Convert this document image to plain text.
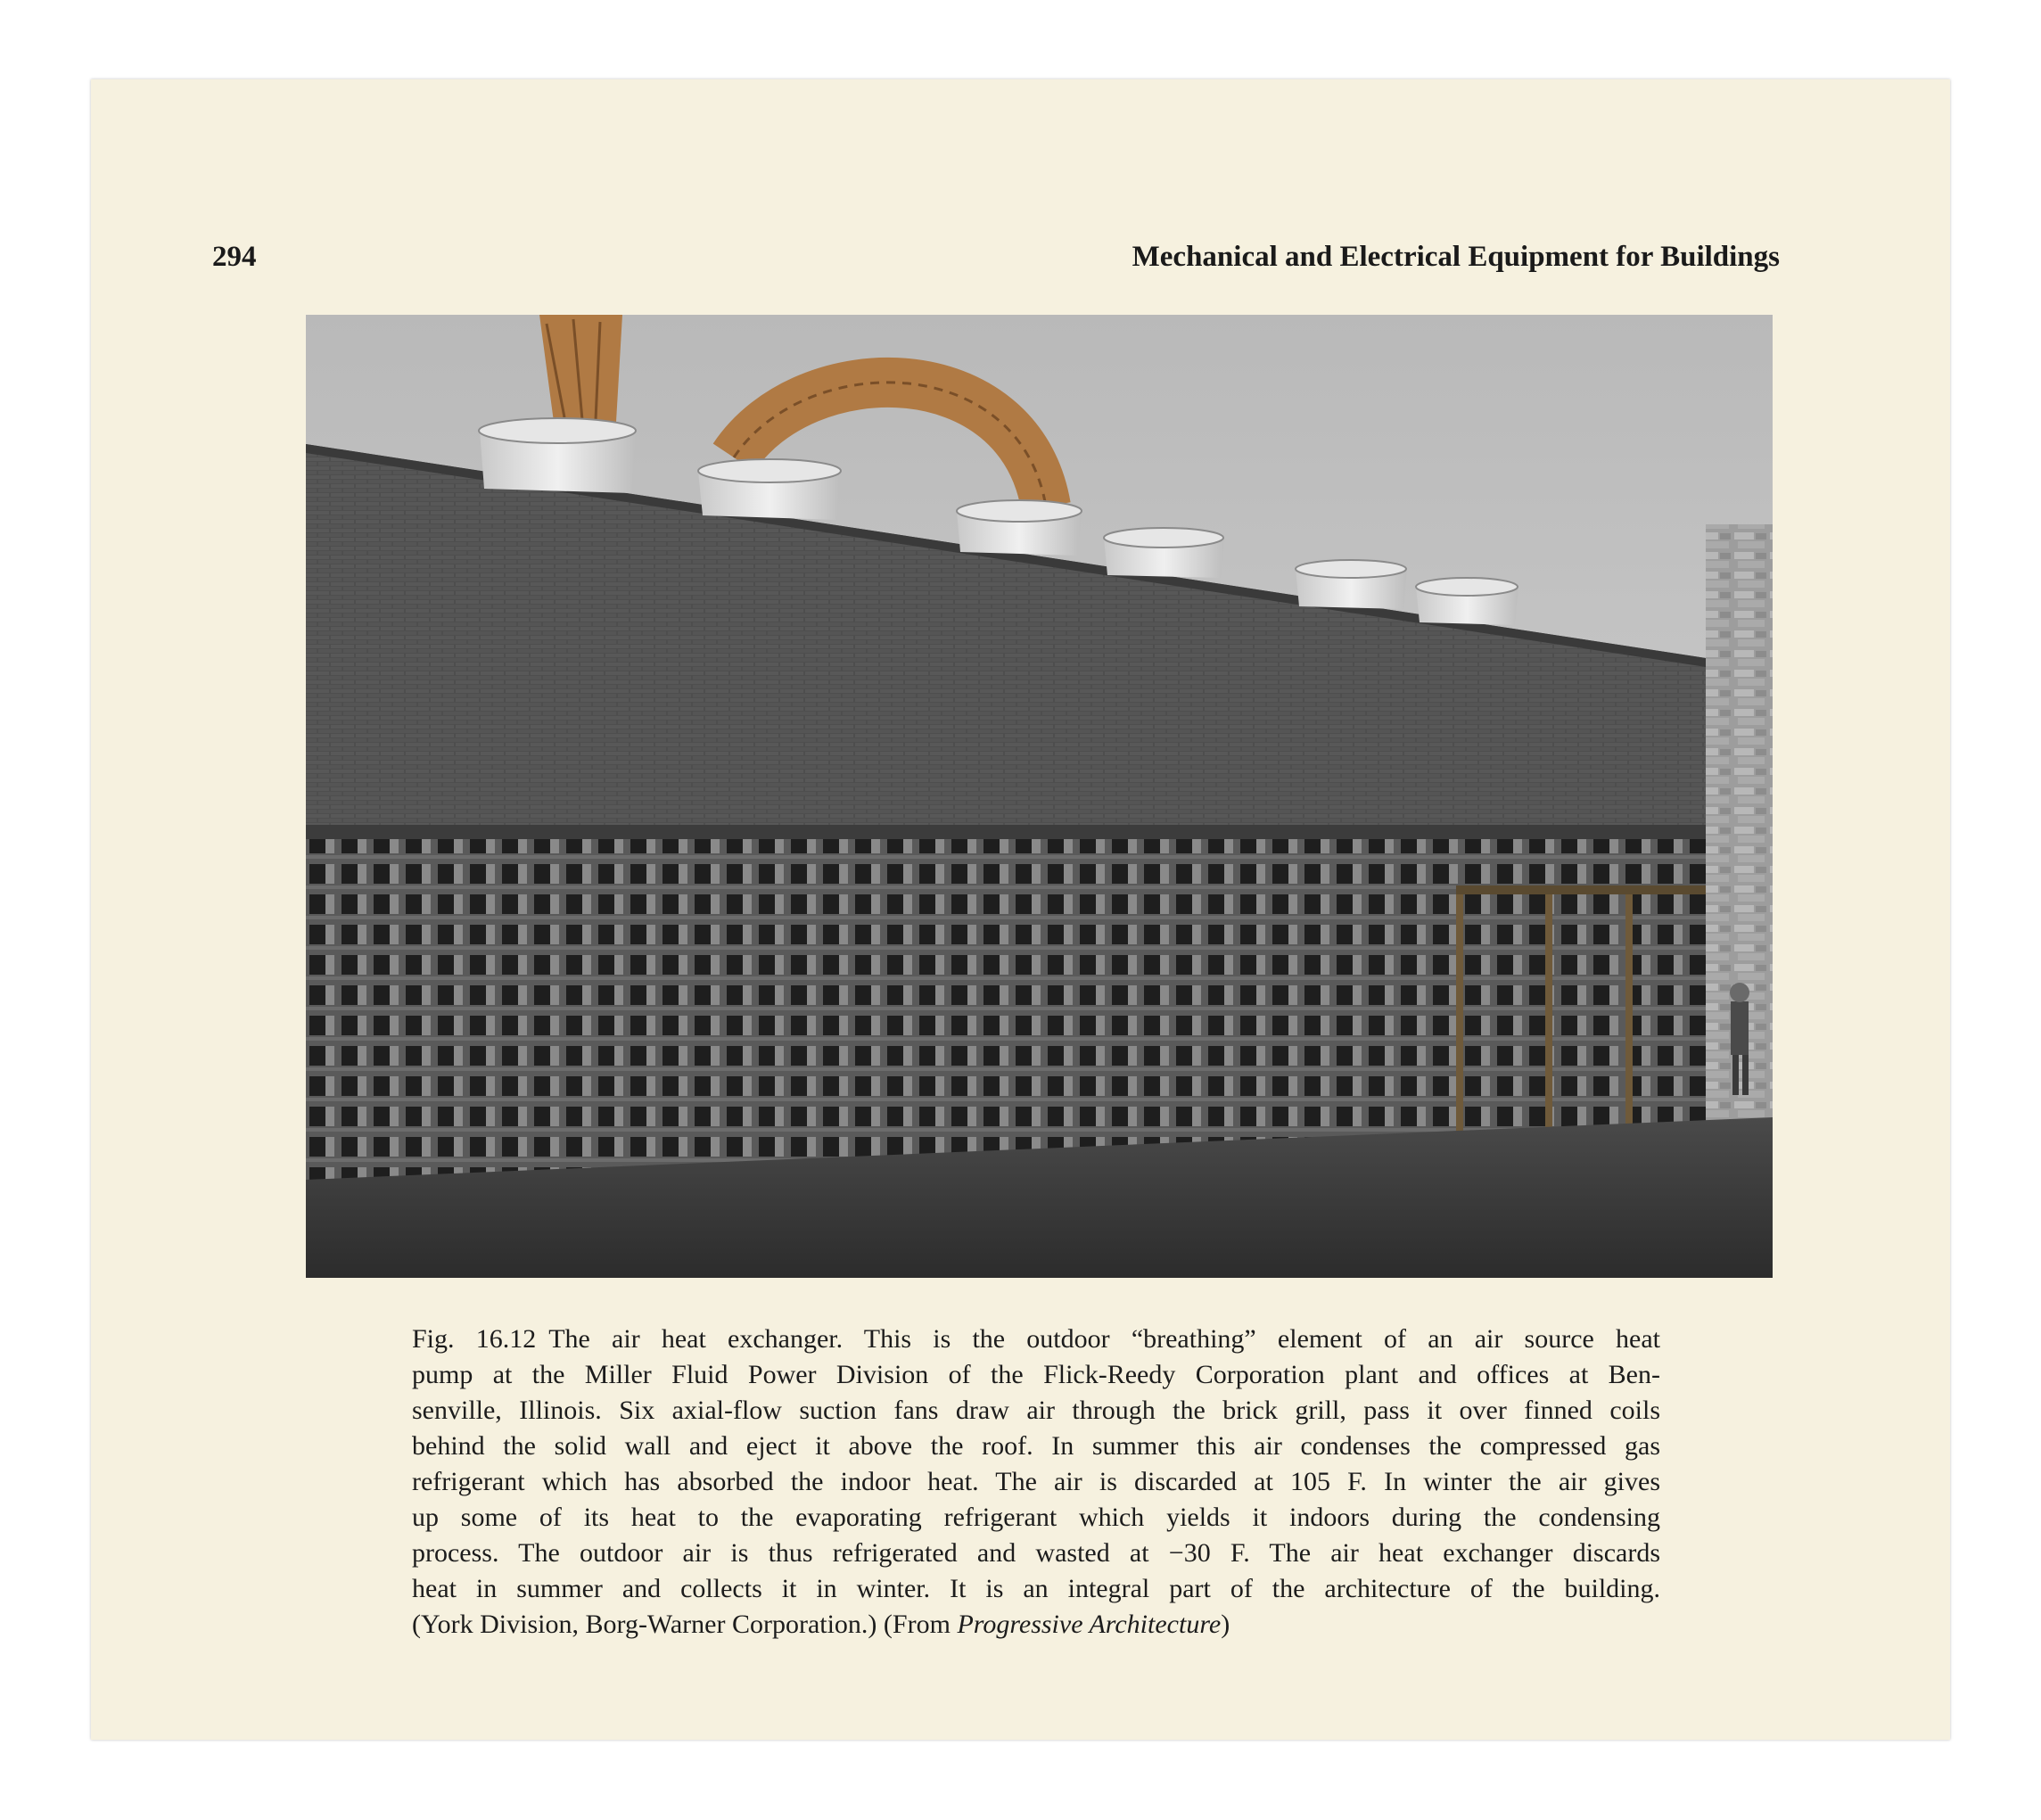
294	Mechanical and Electrical Equipment for Buildings

Fig. 16.12 The air heat exchanger. This is the outdoor “breathing” element of an air source heat
pump at the Miller Fluid Power Division of the Flick-Reedy Corporation plant and offices at Ben-
senville, Illinois. Six axial-flow suction fans draw air through the brick grill, pass it over finned coils
behind the solid wall and eject it above the roof. In summer this air condenses the compressed gas
refrigerant which has absorbed the indoor heat. The air is discarded at 105 F. In winter the air gives
up some of its heat to the evaporating refrigerant which yields it indoors during the condensing
process. The outdoor air is thus refrigerated and wasted at −30 F. The air heat exchanger discards
heat in summer and collects it in winter. It is an integral part of the architecture of the building.
(York Division, Borg-Warner Corporation.) (From Progressive Architecture)
